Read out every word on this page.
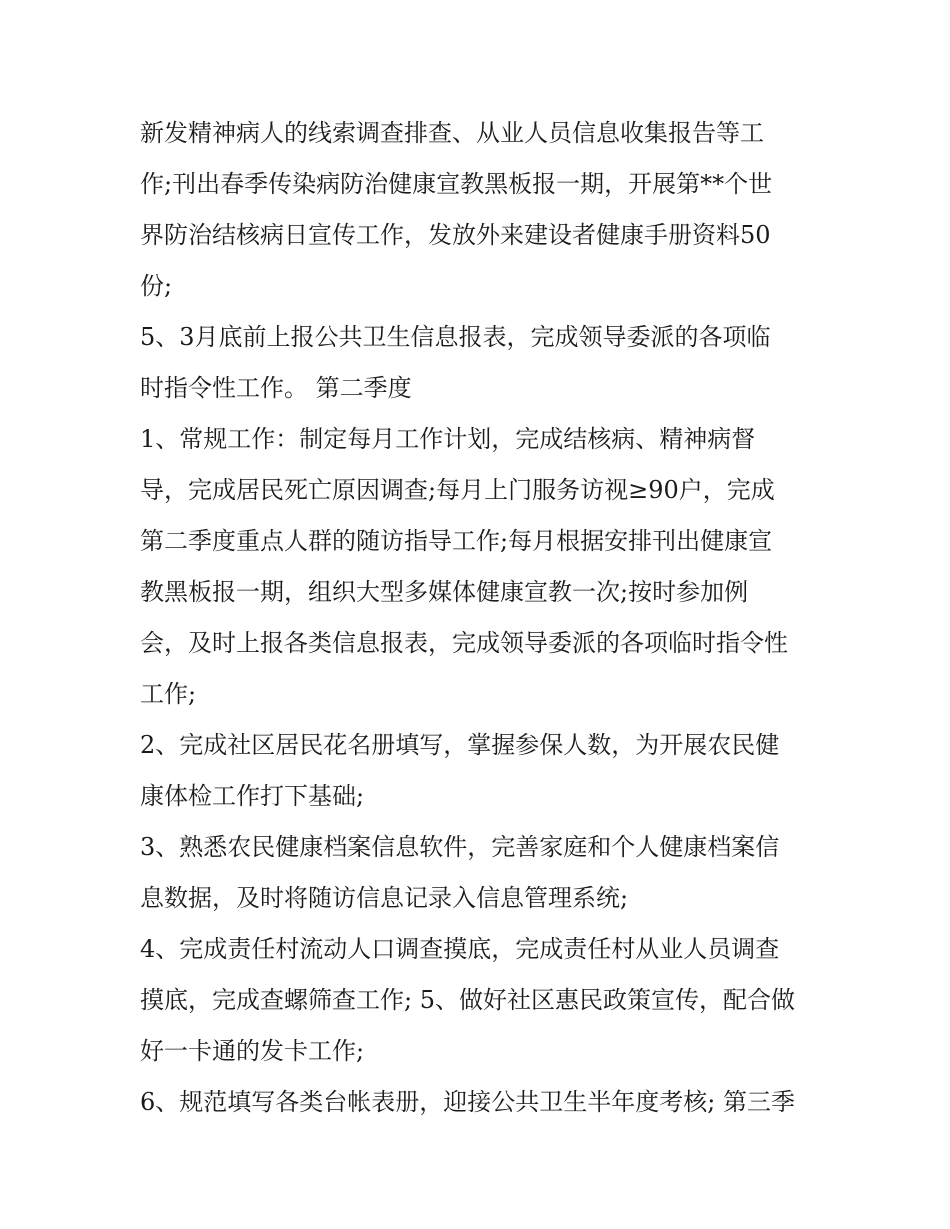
新发精神病人的线索调查排查、从业人员信息收集报告等工
作;刊出春季传染病防治健康宣教黑板报一期，开展第**个世
界防治结核病日宣传工作，发放外来建设者健康手册资料50
份;
5、3月底前上报公共卫生信息报表，完成领导委派的各项临
时指令性工作。 第二季度
1、常规工作：制定每月工作计划，完成结核病、精神病督
导，完成居民死亡原因调查;每月上门服务访视≥90户，完成
第二季度重点人群的随访指导工作;每月根据安排刊出健康宣
教黑板报一期，组织大型多媒体健康宣教一次;按时参加例
会，及时上报各类信息报表，完成领导委派的各项临时指令性
工作;
2、完成社区居民花名册填写，掌握参保人数，为开展农民健
康体检工作打下基础;
3、熟悉农民健康档案信息软件，完善家庭和个人健康档案信
息数据，及时将随访信息记录入信息管理系统;
4、完成责任村流动人口调查摸底，完成责任村从业人员调查
摸底，完成查螺筛查工作; 5、做好社区惠民政策宣传，配合做
好一卡通的发卡工作;
6、规范填写各类台帐表册，迎接公共卫生半年度考核; 第三季
